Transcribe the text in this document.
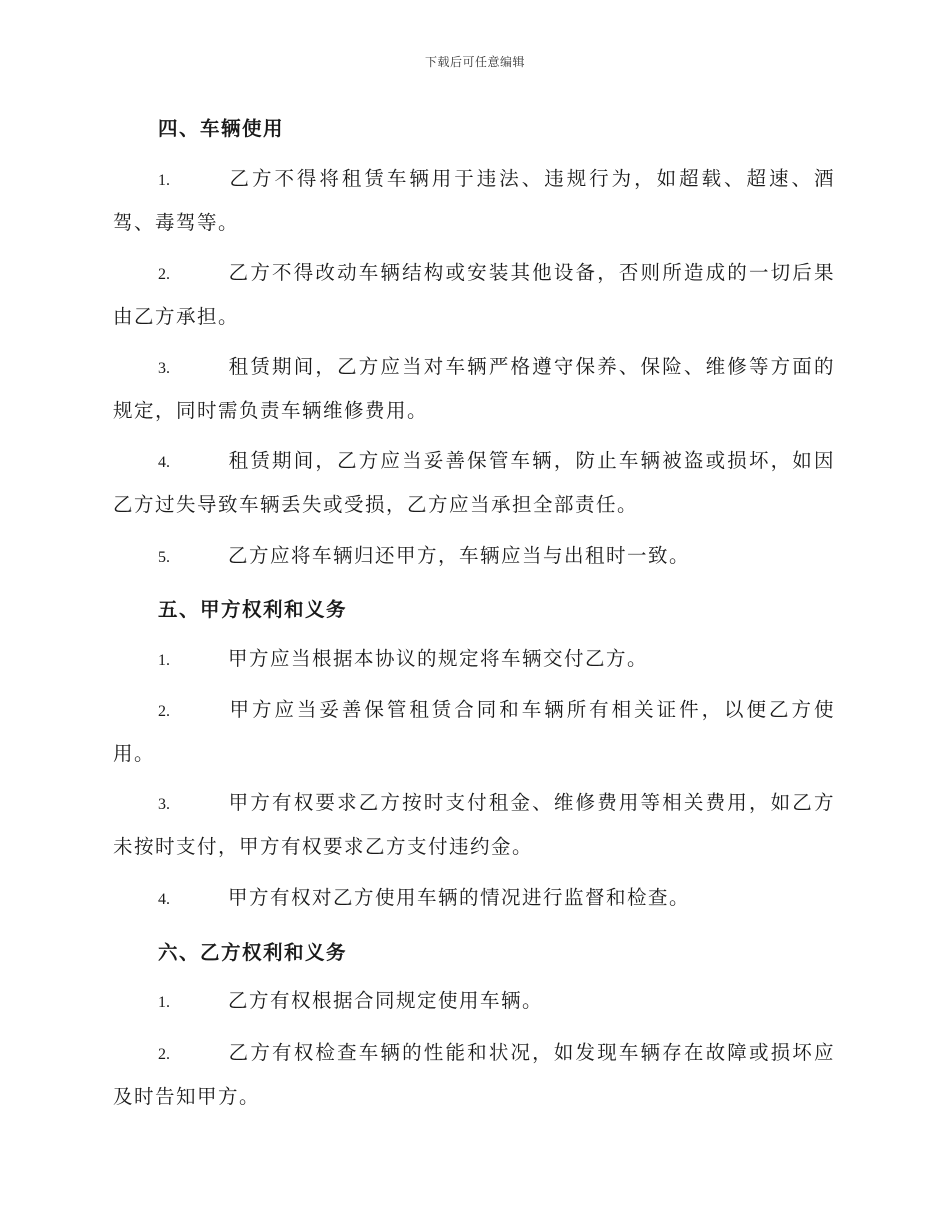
下载后可任意编辑
四、车辆使用
1.	乙方不得将租赁车辆用于违法、违规行为，如超载、超速、酒驾、毒驾等。
2.	乙方不得改动车辆结构或安装其他设备，否则所造成的一切后果由乙方承担。
3.	租赁期间，乙方应当对车辆严格遵守保养、保险、维修等方面的规定，同时需负责车辆维修费用。
4.	租赁期间，乙方应当妥善保管车辆，防止车辆被盗或损坏，如因乙方过失导致车辆丢失或受损，乙方应当承担全部责任。
5.	乙方应将车辆归还甲方，车辆应当与出租时一致。
五、甲方权利和义务
1.	甲方应当根据本协议的规定将车辆交付乙方。
2.	甲方应当妥善保管租赁合同和车辆所有相关证件，以便乙方使用。
3.	甲方有权要求乙方按时支付租金、维修费用等相关费用，如乙方未按时支付，甲方有权要求乙方支付违约金。
4.	甲方有权对乙方使用车辆的情况进行监督和检查。
六、乙方权利和义务
1.	乙方有权根据合同规定使用车辆。
2.	乙方有权检查车辆的性能和状况，如发现车辆存在故障或损坏应及时告知甲方。
